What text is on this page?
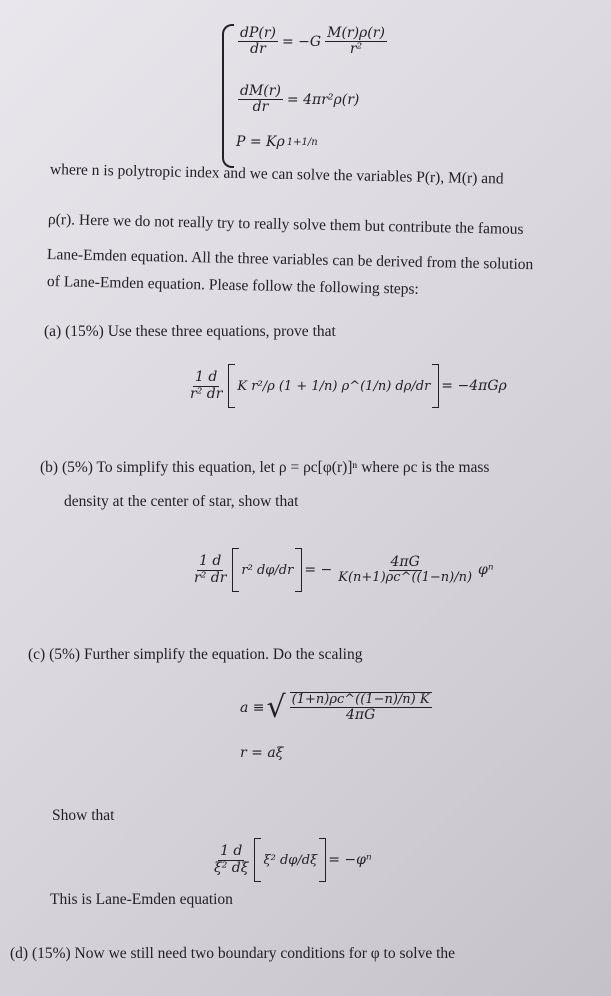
$\frac{dP(r)}{dr} = -G \frac{M(r)\rho(r)}{\text{r²}}$
$\frac{dM(r)}{dr} = 4\pi r^2\rho(r)$
P = Kρ 1+1/n
where n is polytropic index and we can solve the variables P(r), M(r) and
ρ(r). Here we do not really try to really solve them but contribute the famous
Lane-Emden equation. All the three variables can be derived from the solution
of Lane-Emden equation. Please follow the following steps:
(a) (15%) Use these three equations, prove that
$\frac{1 d}{\text{r² dr}}$ K r²/ρ (1 + 1/n) ρ^(1/n) dρ/dr = −4πGρ
(b) (5%) To simplify this equation, let ρ = ρc[φ(r)]ⁿ where ρc is the mass
density at the center of star, show that
$\frac{1 d}{\text{r² dr}} r^2$ dφ/dr = − $\frac{4\pi G}{K(n+1)\rho c\^{}((1-n)/n)}$ φⁿ
(c) (5%) Further simplify the equation. Do the scaling
a ≡ √ $\frac{(1+n)\rho c\^{}((1-n)/n) K}{4\pi G}$
r = aξ
Show that
$\frac{1 d}{\text{ξ² dξ}} \xi^2$ dφ/dξ = −φⁿ
This is Lane-Emden equation
(d) (15%) Now we still need two boundary conditions for φ to solve the
